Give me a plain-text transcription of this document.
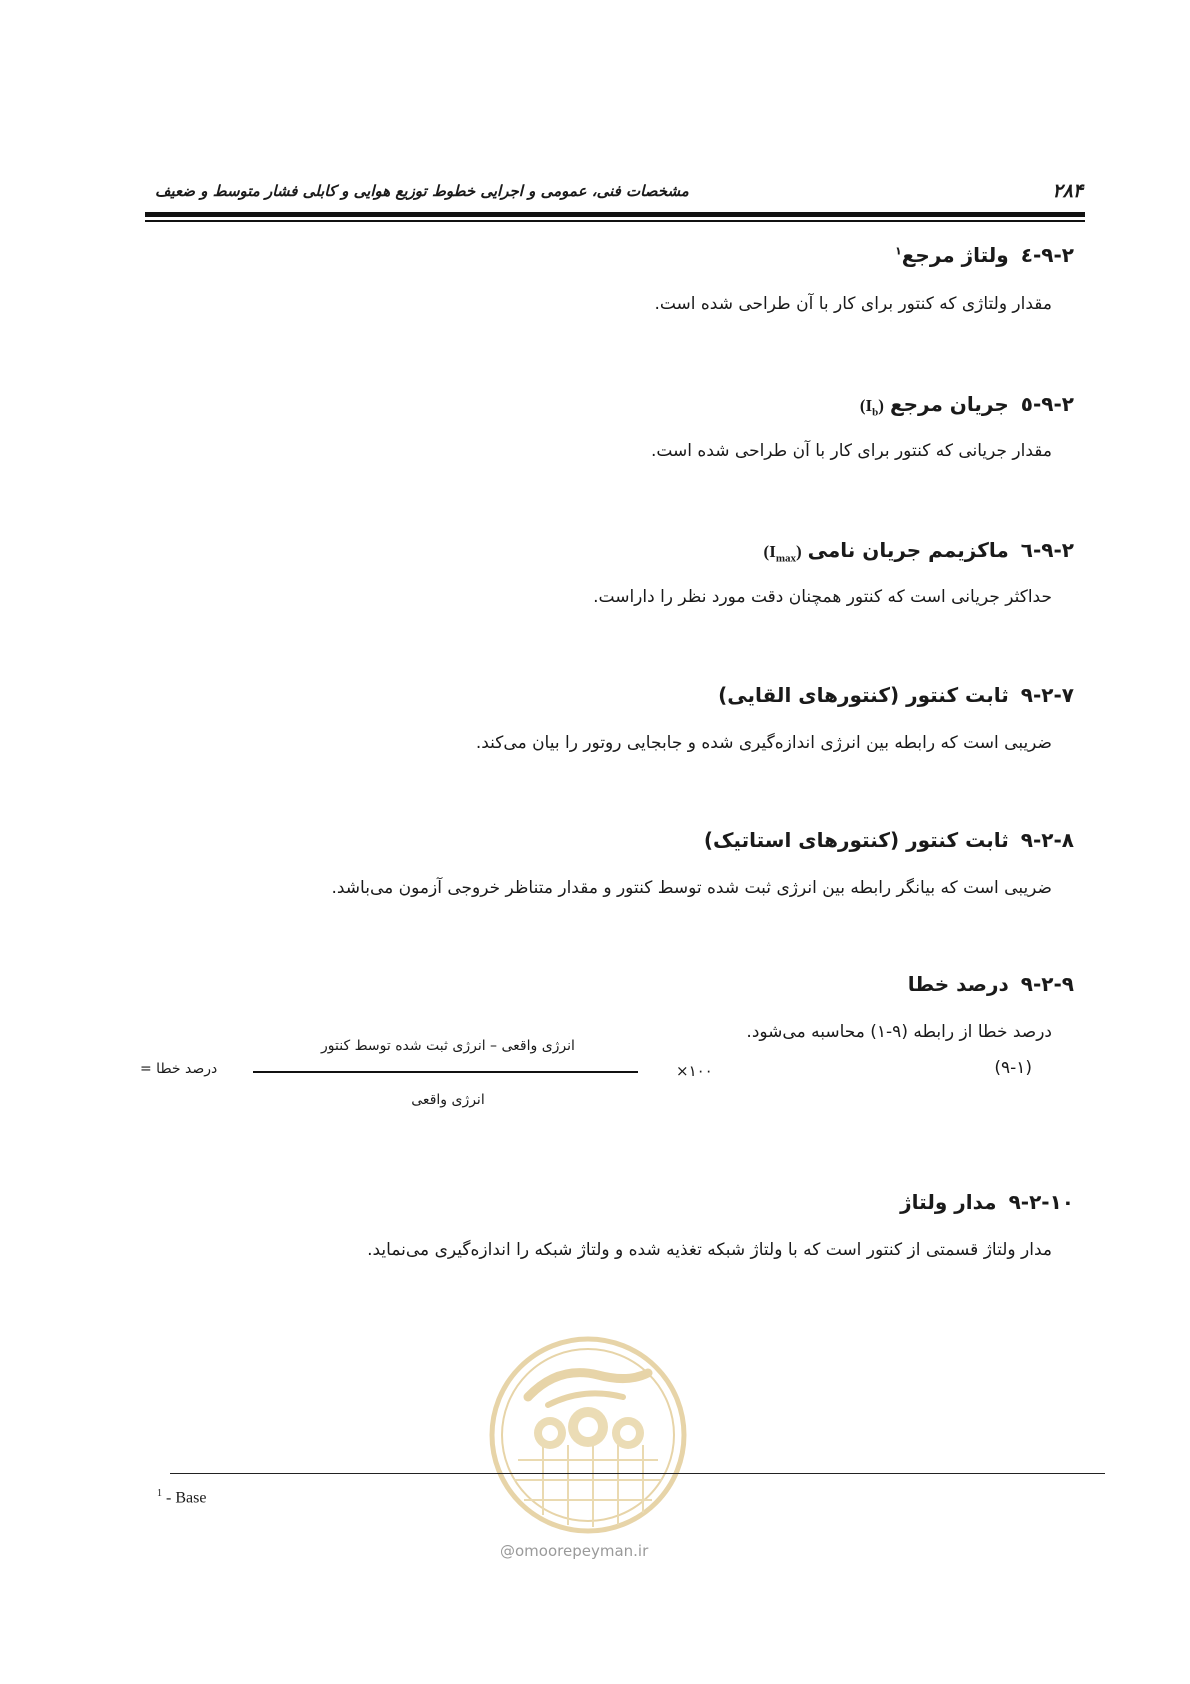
۲۸۴
مشخصات فنی، عمومی و اجرایی خطوط توزیع هوایی و کابلی فشار متوسط و ضعیف
۹-۲-٤ولتاژ مرجع$^۱$
مقدار ولتاژی که کنتور برای کار با آن طراحی شده است.
۹-۲-٥جریان $مرجع(I_b)$
مقدار جریانی که کنتور برای کار با آن طراحی شده است.
۹-۲-٦ماکزیمم جریان $نامی(I_{max})$
حداکثر جریانی است که کنتور همچنان دقت مورد نظر را داراست.
۹-۲-۷ثابت کنتور (کنتورهای القایی)
ضریبی است که رابطه بین انرژی اندازه‌گیری شده و جابجایی روتور را بیان می‌کند.
۹-۲-۸ثابت کنتور (کنتورهای استاتیک)
ضریبی است که بیانگر رابطه بین انرژی ثبت شده توسط کنتور و مقدار متناظر خروجی آزمون می‌باشد.
۹-۲-۹درصد خطا
درصد خطا از رابطه (۹-۱) محاسبه می‌شود.
(۹-۱)
انرژی واقعی – انرژی ثبت شده توسط کنتور
انرژی واقعی
درصد خطا =	×۱۰۰
۹-۲-۱۰مدار ولتاژ
مدار ولتاژ قسمتی از کنتور است که با ولتاژ شبکه تغذیه شده و ولتاژ شبکه را اندازه‌گیری می‌نماید.
@omoorepeyman.ir
$^1$ - Base
